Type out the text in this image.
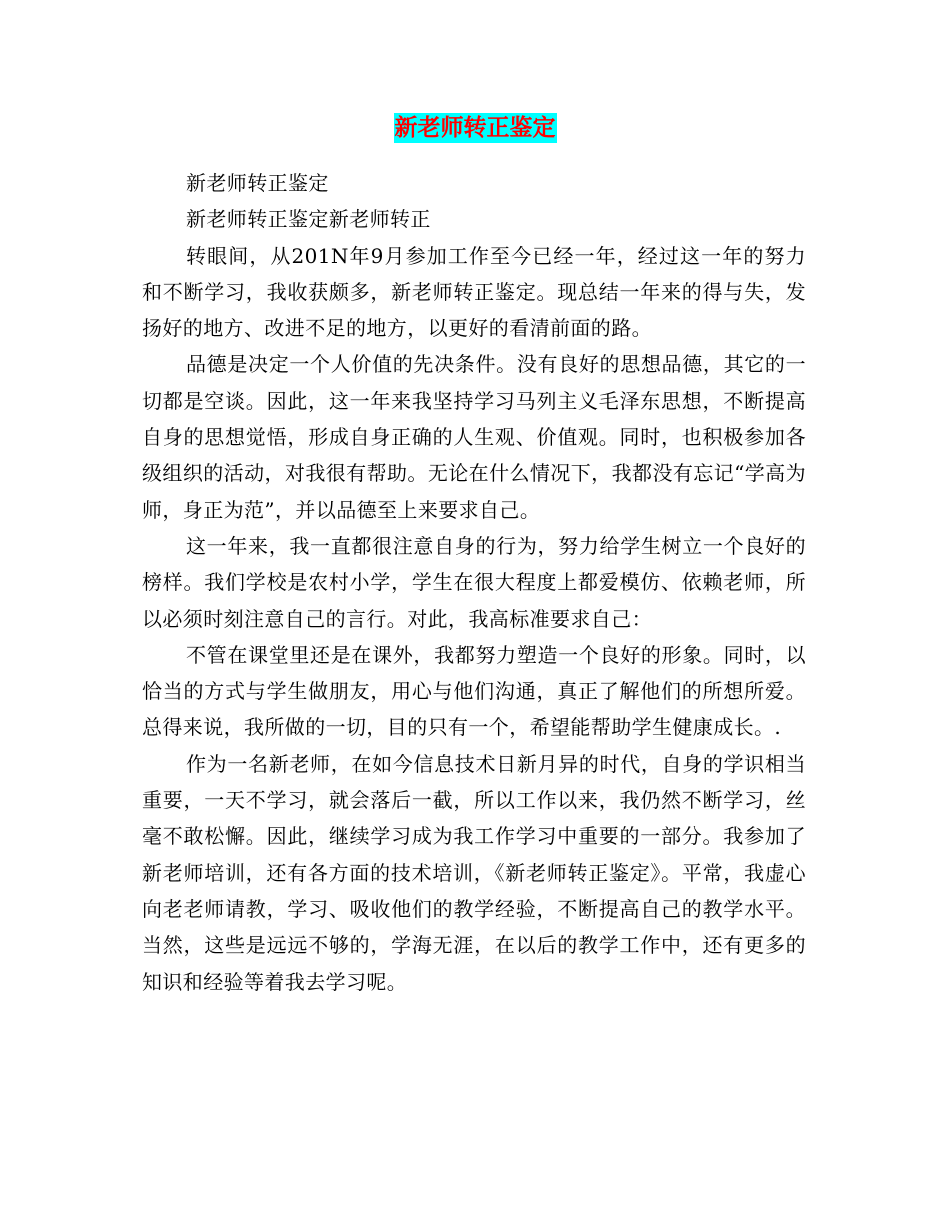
新老师转正鉴定

新老师转正鉴定

新老师转正鉴定新老师转正

转眼间，从201N年9月参加工作至今已经一年，经过这一年的努力和不断学习，我收获颇多，新老师转正鉴定。现总结一年来的得与失，发扬好的地方、改进不足的地方，以更好的看清前面的路。

品德是决定一个人价值的先决条件。没有良好的思想品德，其它的一切都是空谈。因此，这一年来我坚持学习马列主义毛泽东思想，不断提高自身的思想觉悟，形成自身正确的人生观、价值观。同时，也积极参加各级组织的活动，对我很有帮助。无论在什么情况下，我都没有忘记“学高为师，身正为范”，并以品德至上来要求自己。

这一年来，我一直都很注意自身的行为，努力给学生树立一个良好的榜样。我们学校是农村小学，学生在很大程度上都爱模仿、依赖老师，所以必须时刻注意自己的言行。对此，我高标准要求自己：

不管在课堂里还是在课外，我都努力塑造一个良好的形象。同时，以恰当的方式与学生做朋友，用心与他们沟通，真正了解他们的所想所爱。总得来说，我所做的一切，目的只有一个，希望能帮助学生健康成长。.

作为一名新老师，在如今信息技术日新月异的时代，自身的学识相当重要，一天不学习，就会落后一截，所以工作以来，我仍然不断学习，丝毫不敢松懈。因此，继续学习成为我工作学习中重要的一部分。我参加了新老师培训，还有各方面的技术培训，《新老师转正鉴定》。平常，我虚心向老老师请教，学习、吸收他们的教学经验，不断提高自己的教学水平。当然，这些是远远不够的，学海无涯，在以后的教学工作中，还有更多的知识和经验等着我去学习呢。
